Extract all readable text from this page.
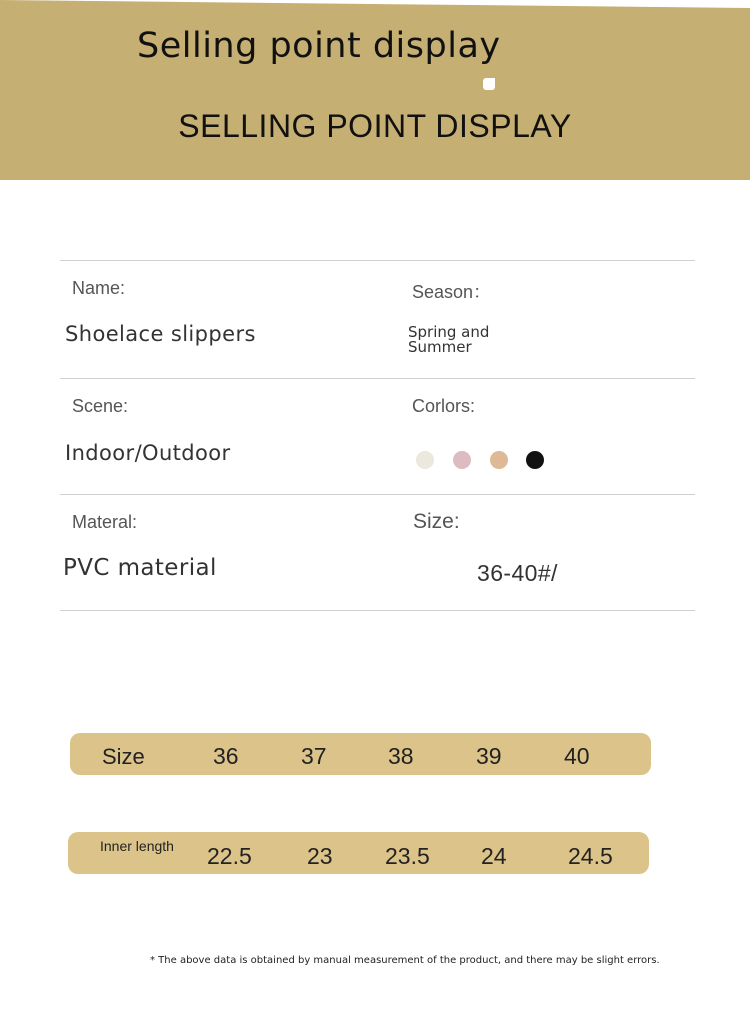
Selling point display
SELLING POINT DISPLAY
Name:	Season：
Shoelace slippers	Spring and Summer
Scene:	Corlors:
Indoor/Outdoor
Materal:	Size:
PVC material	36-40#/
Size	36	37	38	39	40
Inner length 22.5 23 23.5 24	24.5
* The above data is obtained by manual measurement of the product, and there may be slight errors.
